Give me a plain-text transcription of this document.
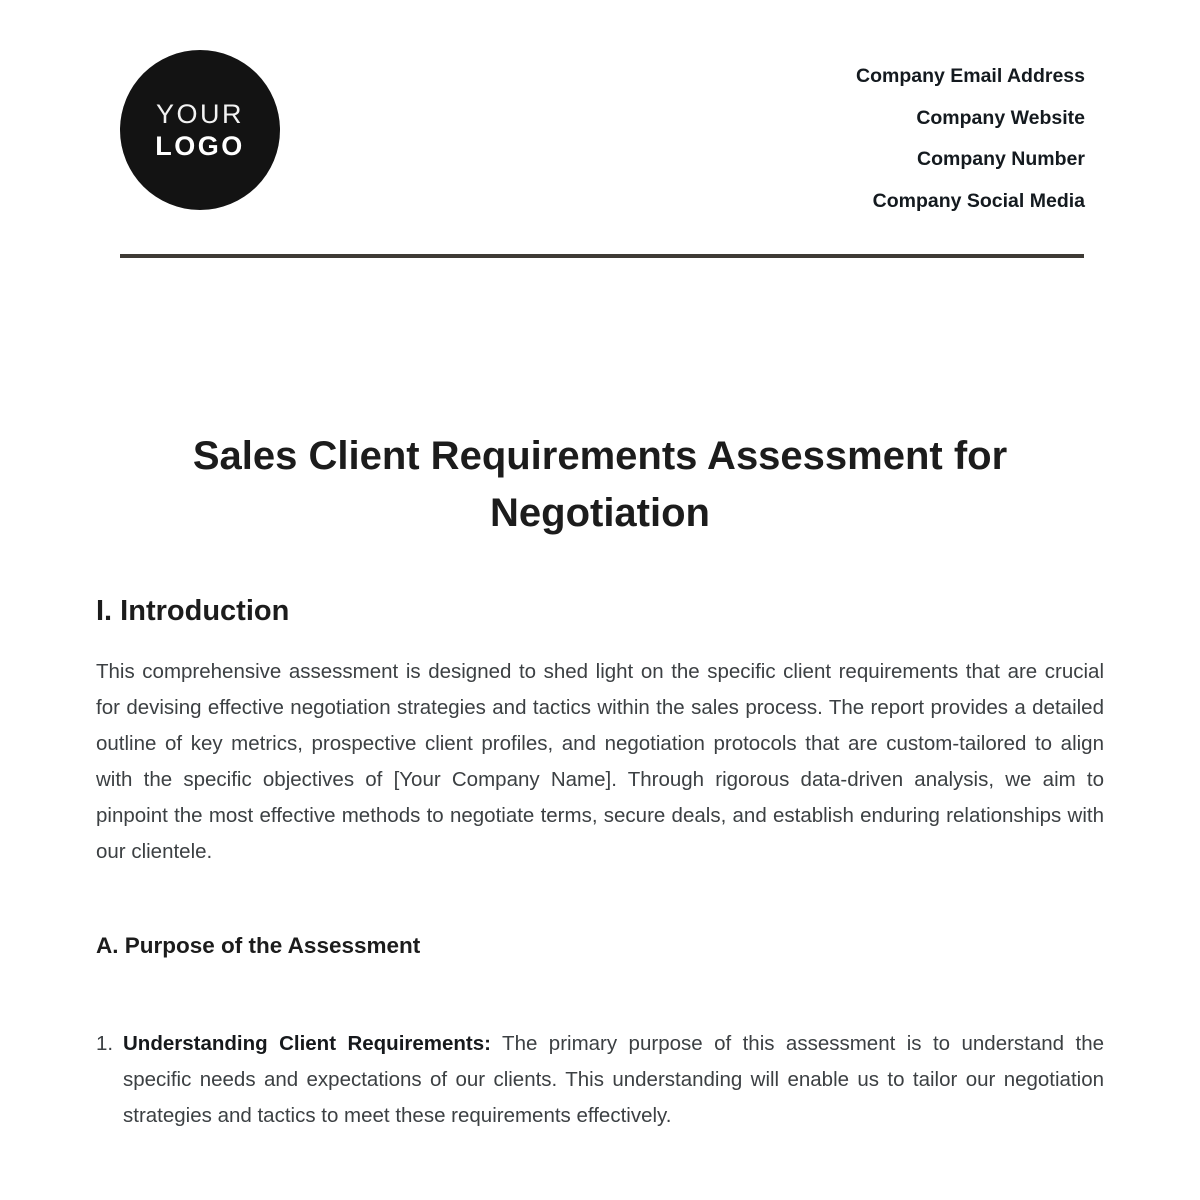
YOUR
LOGO
Company Email Address
Company Website
Company Number
Company Social Media
Sales Client Requirements Assessment for Negotiation
I. Introduction
This comprehensive assessment is designed to shed light on the specific client requirements that are crucial for devising effective negotiation strategies and tactics within the sales process. The report provides a detailed outline of key metrics, prospective client profiles, and negotiation protocols that are custom-tailored to align with the specific objectives of [Your Company Name]. Through rigorous data-driven analysis, we aim to pinpoint the most effective methods to negotiate terms, secure deals, and establish enduring relationships with our clientele.
A. Purpose of the Assessment
1. Understanding Client Requirements: The primary purpose of this assessment is to understand the specific needs and expectations of our clients. This understanding will enable us to tailor our negotiation strategies and tactics to meet these requirements effectively.
